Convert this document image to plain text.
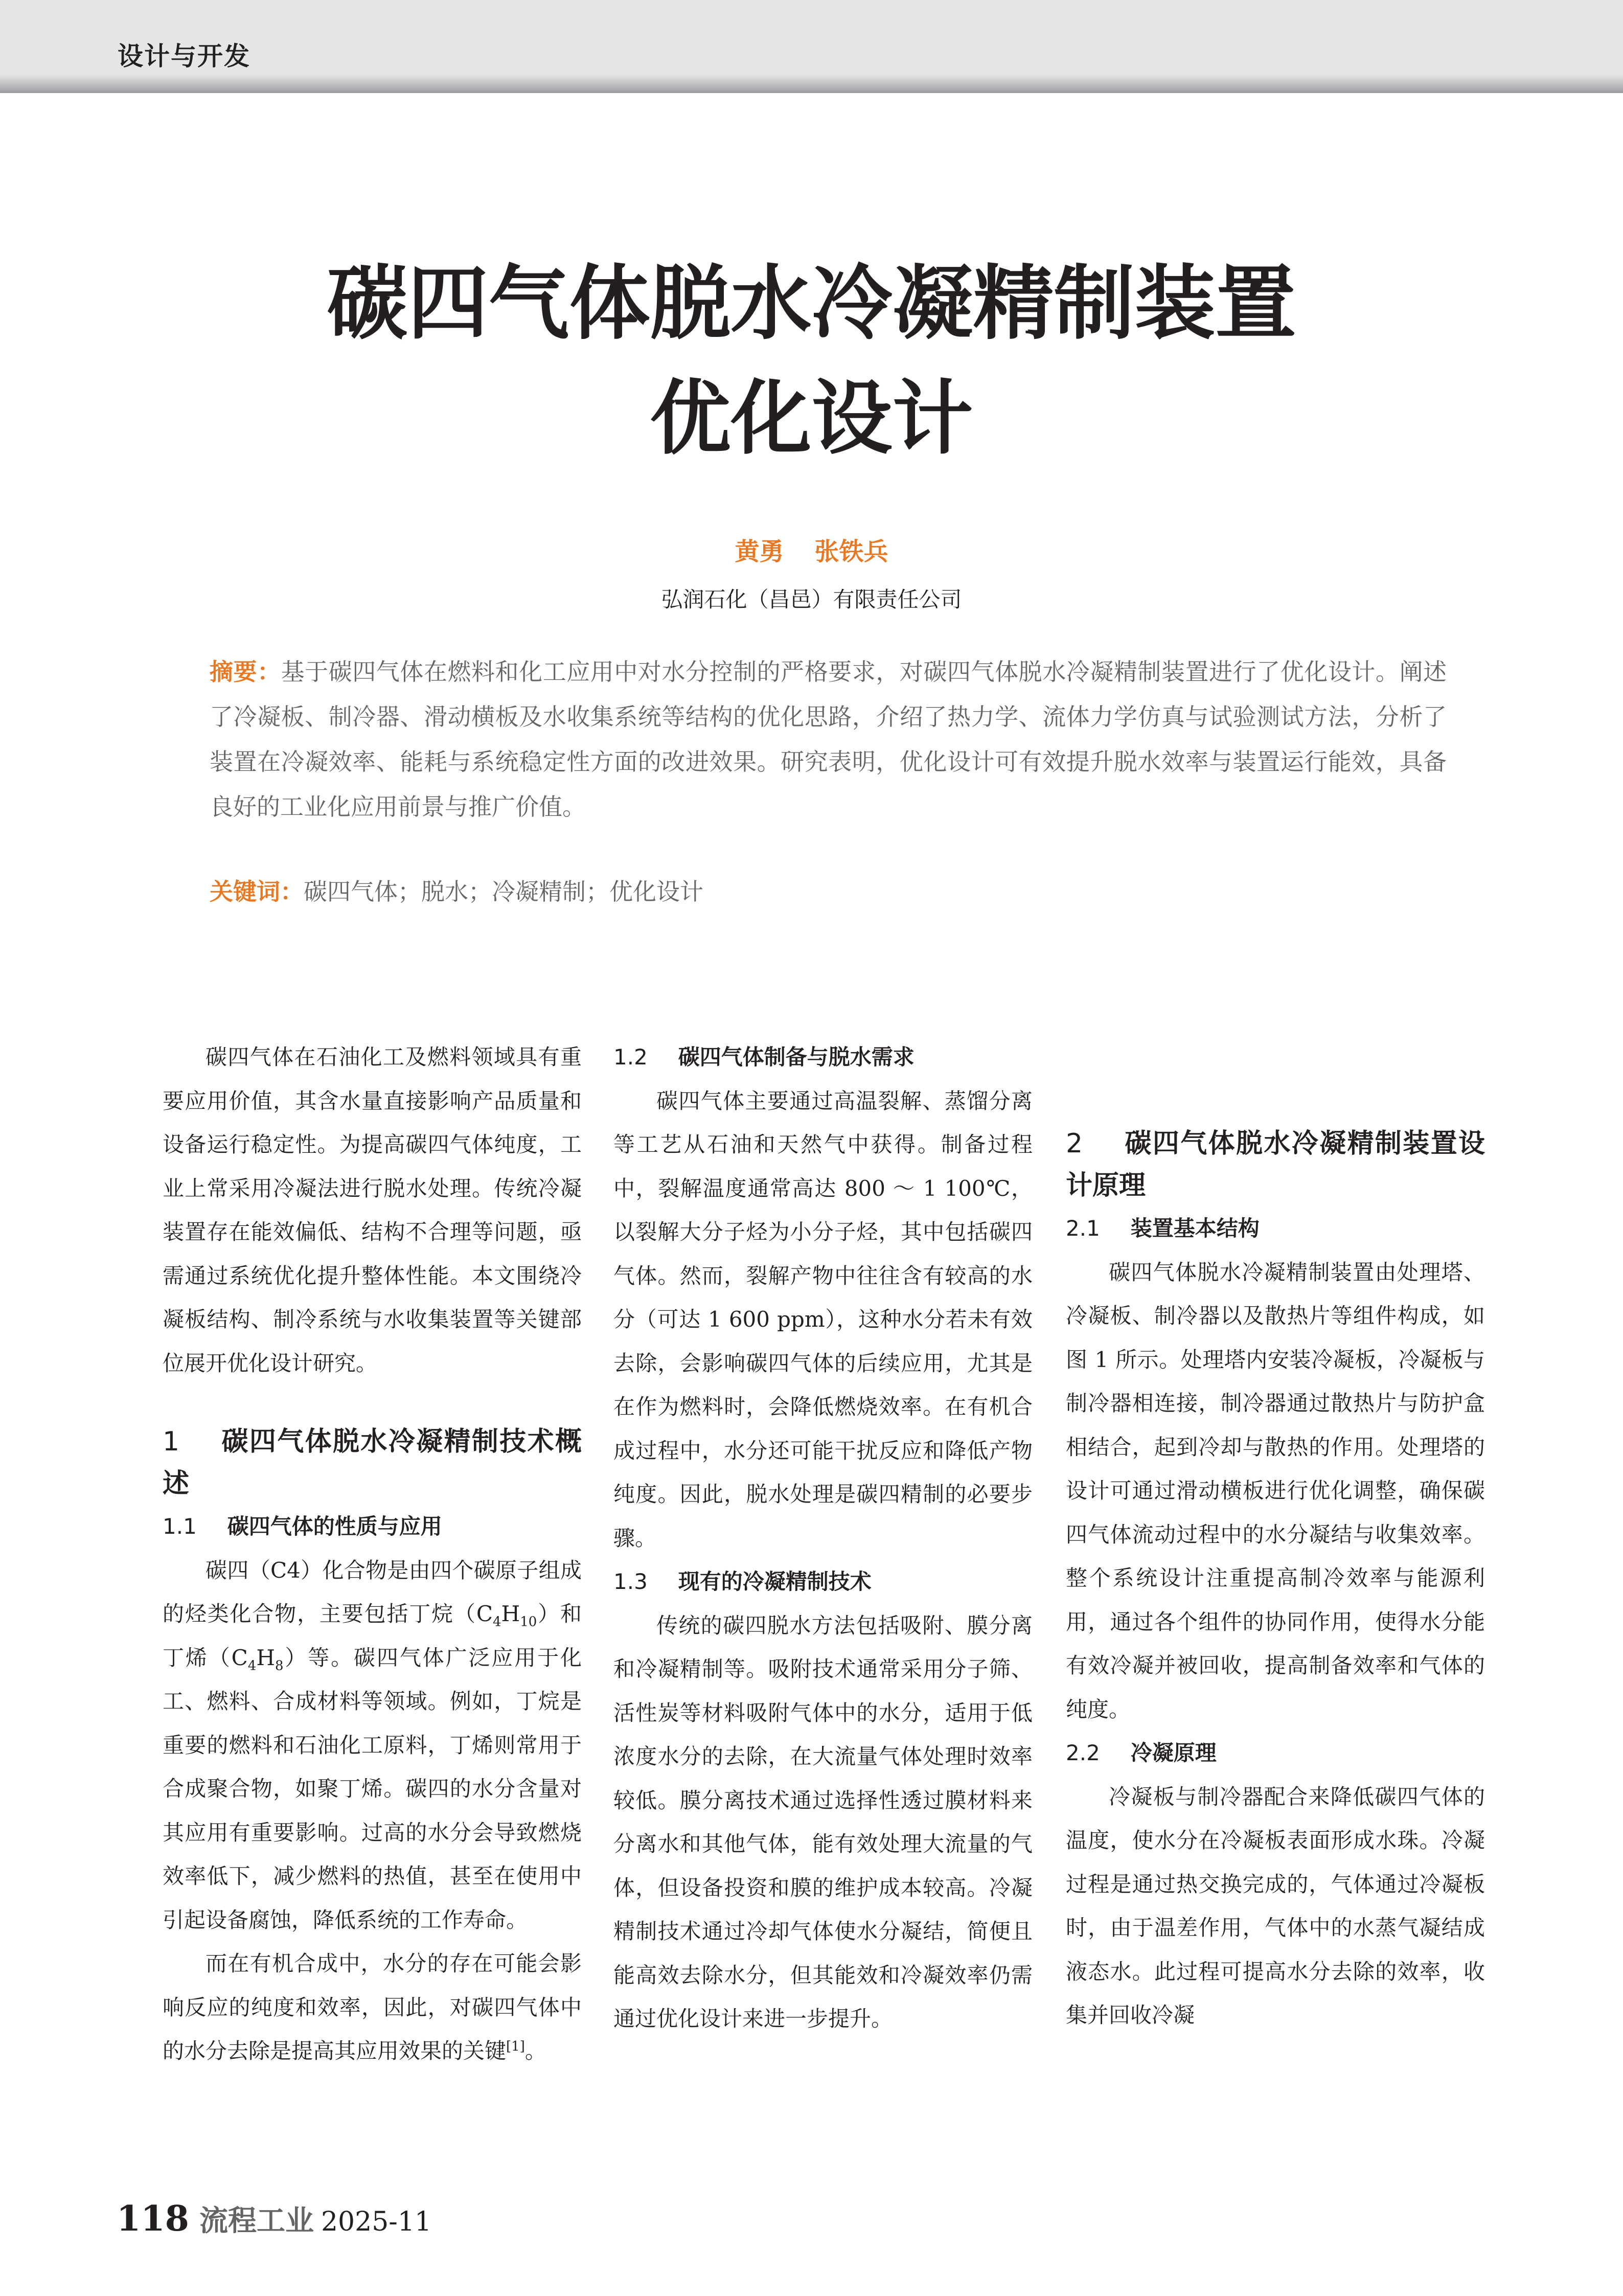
设计与开发
碳四气体脱水冷凝精制装置
优化设计
黄勇 张铁兵
弘润石化（昌邑）有限责任公司
摘要：基于碳四气体在燃料和化工应用中对水分控制的严格要求，对碳四气体脱水冷凝精制装置进行了优化设计。阐述了冷凝板、制冷器、滑动横板及水收集系统等结构的优化思路，介绍了热力学、流体力学仿真与试验测试方法，分析了装置在冷凝效率、能耗与系统稳定性方面的改进效果。研究表明，优化设计可有效提升脱水效率与装置运行能效，具备良好的工业化应用前景与推广价值。
关键词：碳四气体；脱水；冷凝精制；优化设计

碳四气体在石油化工及燃料领域具有重要应用价值，其含水量直接影响产品质量和设备运行稳定性。为提高碳四气体纯度，工业上常采用冷凝法进行脱水处理。传统冷凝装置存在能效偏低、结构不合理等问题，亟需通过系统优化提升整体性能。本文围绕冷凝板结构、制冷系统与水收集装置等关键部位展开优化设计研究。

1 碳四气体脱水冷凝精制技术概述
1.1 碳四气体的性质与应用

碳四（C4）化合物是由四个碳原子组成的烃类化合物，主要包括丁烷$(C_4H_{10})$和丁烯$(C_4H_8)$等。碳四气体广泛应用于化工、燃料、合成材料等领域。例如，丁烷是重要的燃料和石油化工原料，丁烯则常用于合成聚合物，如聚丁烯。碳四的水分含量对其应用有重要影响。过高的水分会导致燃烧效率低下，减少燃料的热值，甚至在使用中引起设备腐蚀，降低系统的工作寿命。

而在有机合成中，水分的存在可能会影响反应的纯度和效率，因此，对碳四气体中的水分去除是提高其应用效果的关键[1]。

1.2 碳四气体制备与脱水需求

碳四气体主要通过高温裂解、蒸馏分离等工艺从石油和天然气中获得。制备过程中，裂解温度通常高达 800 ～ 1 100℃，以裂解大分子烃为小分子烃，其中包括碳四气体。然而，裂解产物中往往含有较高的水分（可达 1 600 ppm），这种水分若未有效去除，会影响碳四气体的后续应用，尤其是在作为燃料时，会降低燃烧效率。在有机合成过程中，水分还可能干扰反应和降低产物纯度。因此，脱水处理是碳四精制的必要步骤。

1.3 现有的冷凝精制技术

传统的碳四脱水方法包括吸附、膜分离和冷凝精制等。吸附技术通常采用分子筛、活性炭等材料吸附气体中的水分，适用于低浓度水分的去除，在大流量气体处理时效率较低。膜分离技术通过选择性透过膜材料来分离水和其他气体，能有效处理大流量的气体，但设备投资和膜的维护成本较高。冷凝精制技术通过冷却气体使水分凝结，简便且能高效去除水分，但其能效和冷凝效率仍需通过优化设计来进一步提升。

2 碳四气体脱水冷凝精制装置设计原理
2.1 装置基本结构

碳四气体脱水冷凝精制装置由处理塔、冷凝板、制冷器以及散热片等组件构成，如图 1 所示。处理塔内安装冷凝板，冷凝板与制冷器相连接，制冷器通过散热片与防护盒相结合，起到冷却与散热的作用。处理塔的设计可通过滑动横板进行优化调整，确保碳四气体流动过程中的水分凝结与收集效率。整个系统设计注重提高制冷效率与能源利用，通过各个组件的协同作用，使得水分能有效冷凝并被回收，提高制备效率和气体的纯度。

2.2 冷凝原理

冷凝板与制冷器配合来降低碳四气体的温度，使水分在冷凝板表面形成水珠。冷凝过程是通过热交换完成的，气体通过冷凝板时，由于温差作用，气体中的水蒸气凝结成液态水。此过程可提高水分去除的效率，收集并回收冷凝

118 流程工业 2025-11
